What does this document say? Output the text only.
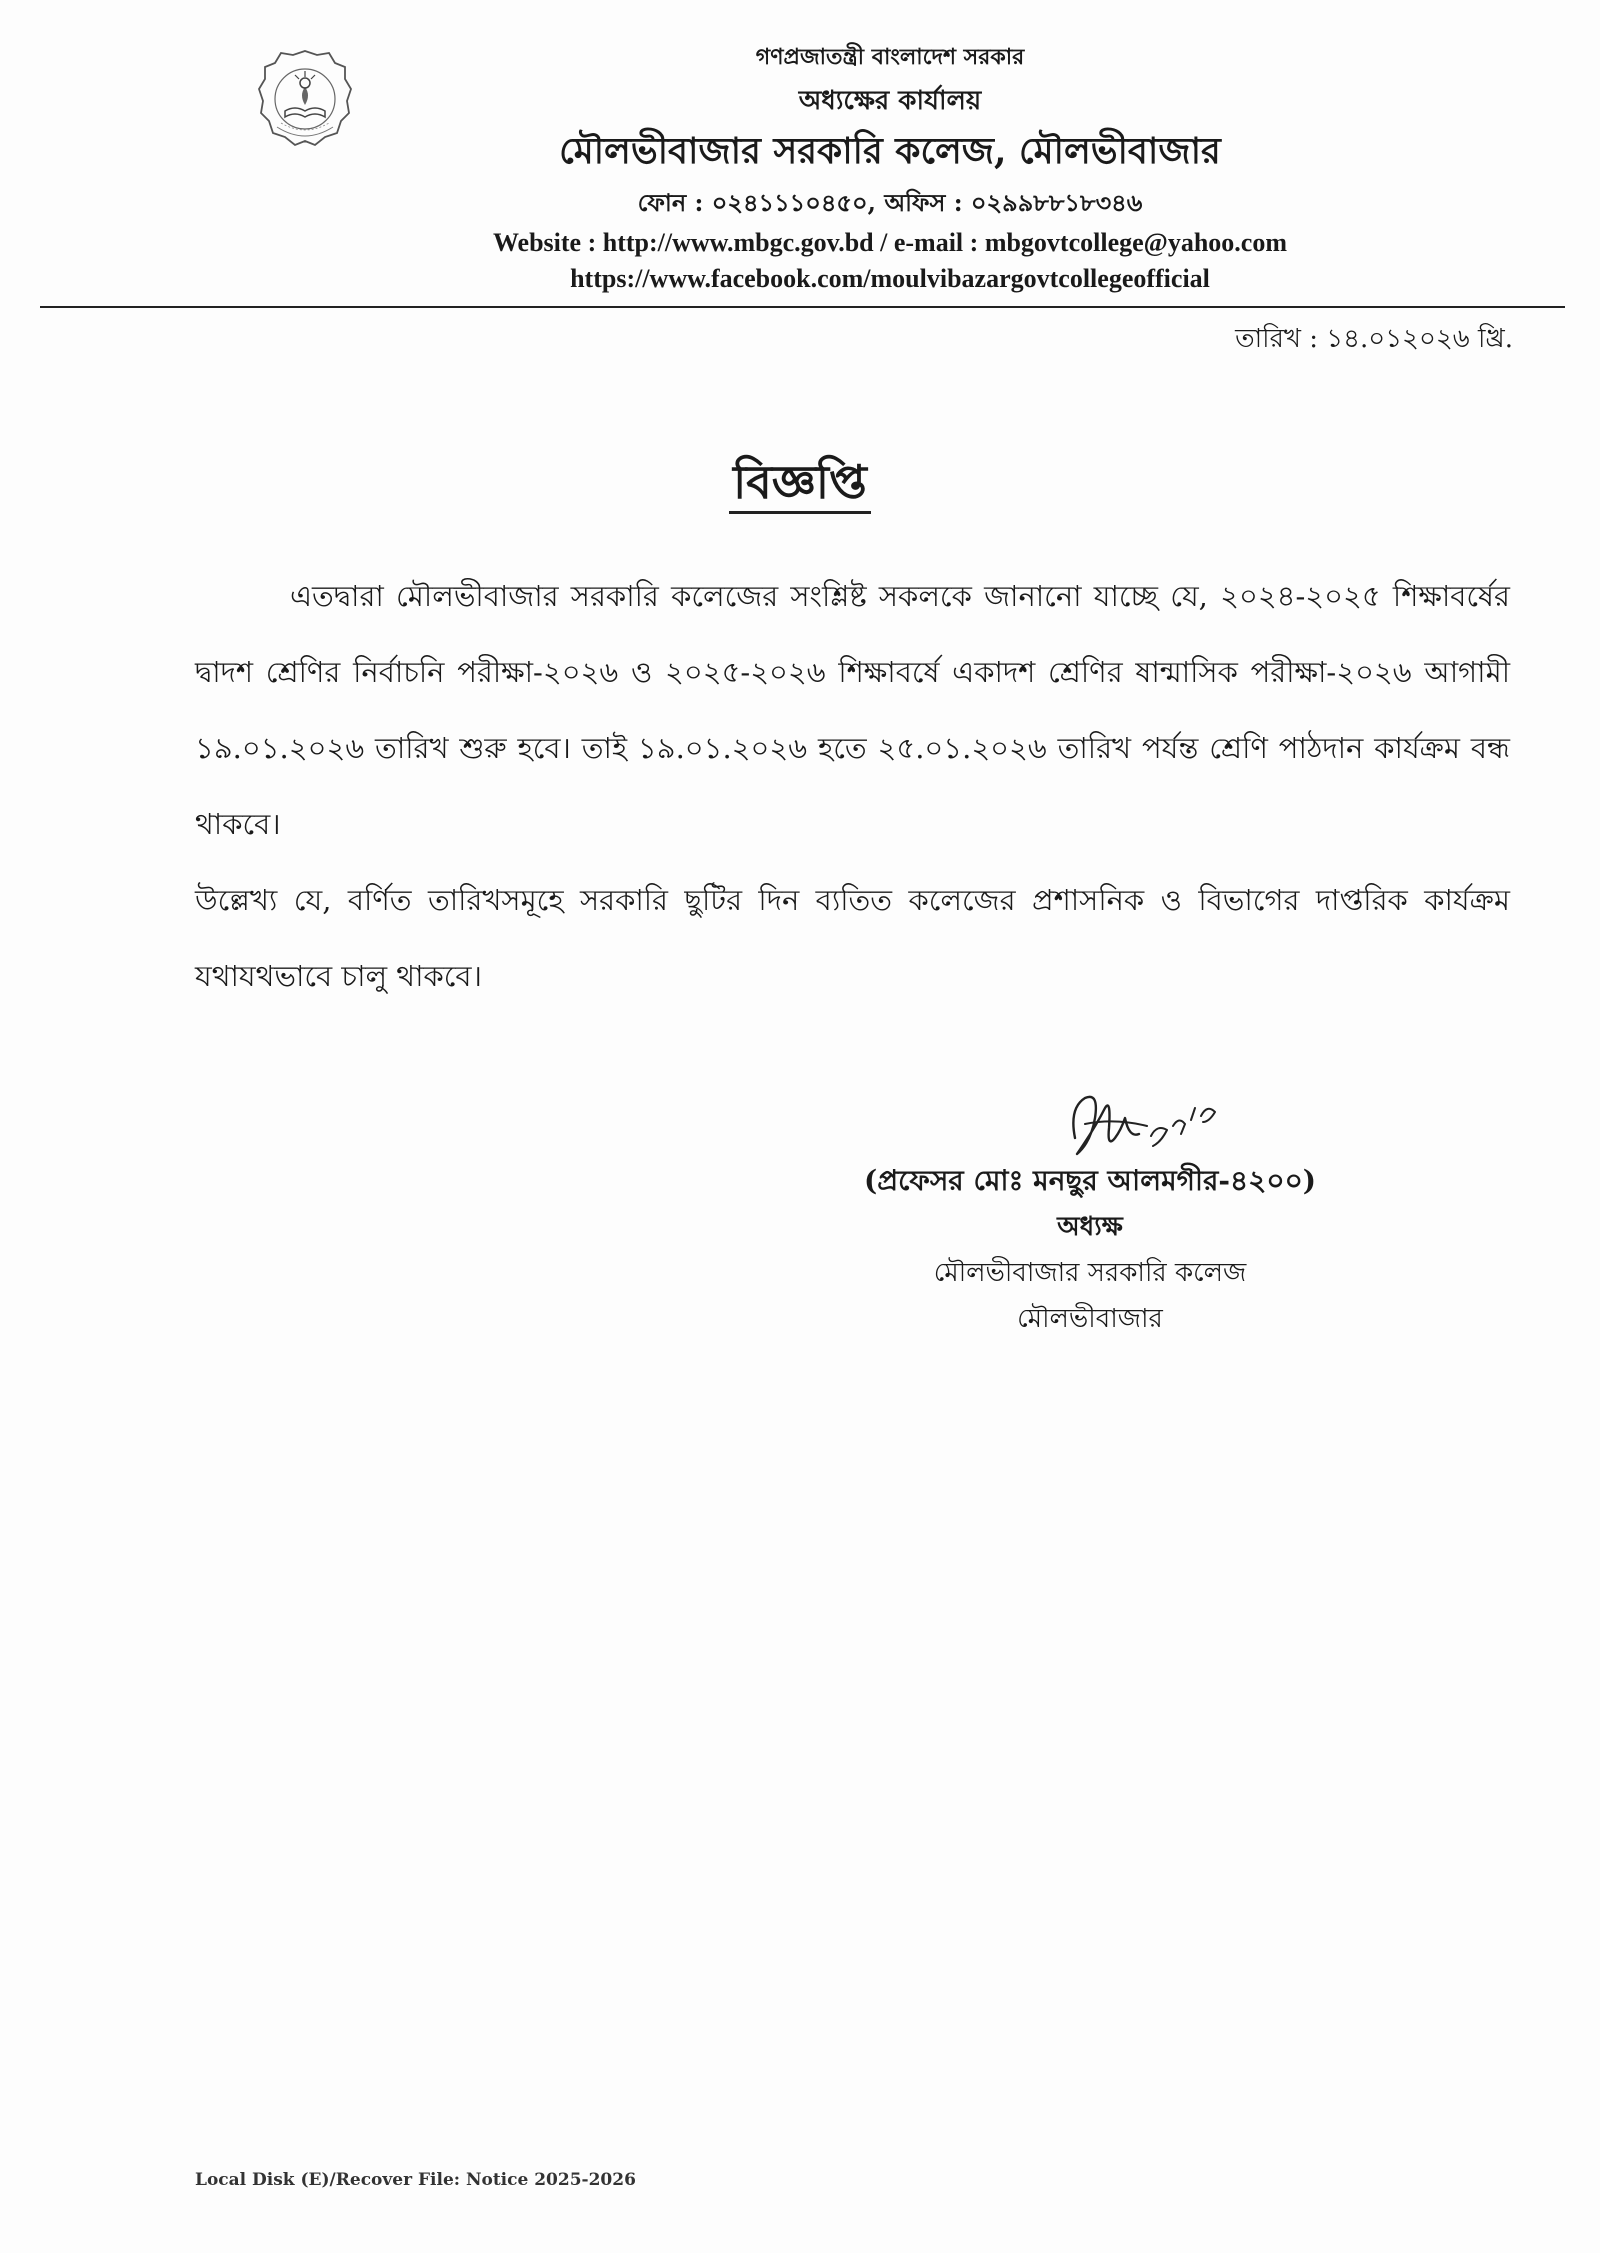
গণপ্রজাতন্ত্রী বাংলাদেশ সরকার
অধ্যক্ষের কার্যালয়
মৌলভীবাজার সরকারি কলেজ, মৌলভীবাজার
ফোন : ০২৪১১১০৪৫০, অফিস : ০২৯৯৮৮১৮৩৪৬
Website : http://www.mbgc.gov.bd / e-mail : mbgovtcollege@yahoo.com
https://www.facebook.com/moulvibazargovtcollegeofficial
তারিখ : ১৪.০১২০২৬ খ্রি.
বিজ্ঞপ্তি

এতদ্বারা মৌলভীবাজার সরকারি কলেজের সংশ্লিষ্ট সকলকে জানানো যাচ্ছে যে, ২০২৪-২০২৫ শিক্ষাবর্ষের দ্বাদশ শ্রেণির নির্বাচনি পরীক্ষা-২০২৬ ও ২০২৫-২০২৬ শিক্ষাবর্ষে একাদশ শ্রেণির ষান্মাসিক পরীক্ষা-২০২৬ আগামী ১৯.০১.২০২৬ তারিখ শুরু হবে। তাই ১৯.০১.২০২৬ হতে ২৫.০১.২০২৬ তারিখ পর্যন্ত শ্রেণি পাঠদান কার্যক্রম বন্ধ থাকবে।

উল্লেখ্য যে, বর্ণিত তারিখসমূহে সরকারি ছুটির দিন ব্যতিত কলেজের প্রশাসনিক ও বিভাগের দাপ্তরিক কার্যক্রম যথাযথভাবে চালু থাকবে।

(প্রফেসর মোঃ মনছুর আলমগীর-৪২০০)
অধ্যক্ষ
মৌলভীবাজার সরকারি কলেজ
মৌলভীবাজার
Local Disk (E)/Recover File: Notice 2025-2026
